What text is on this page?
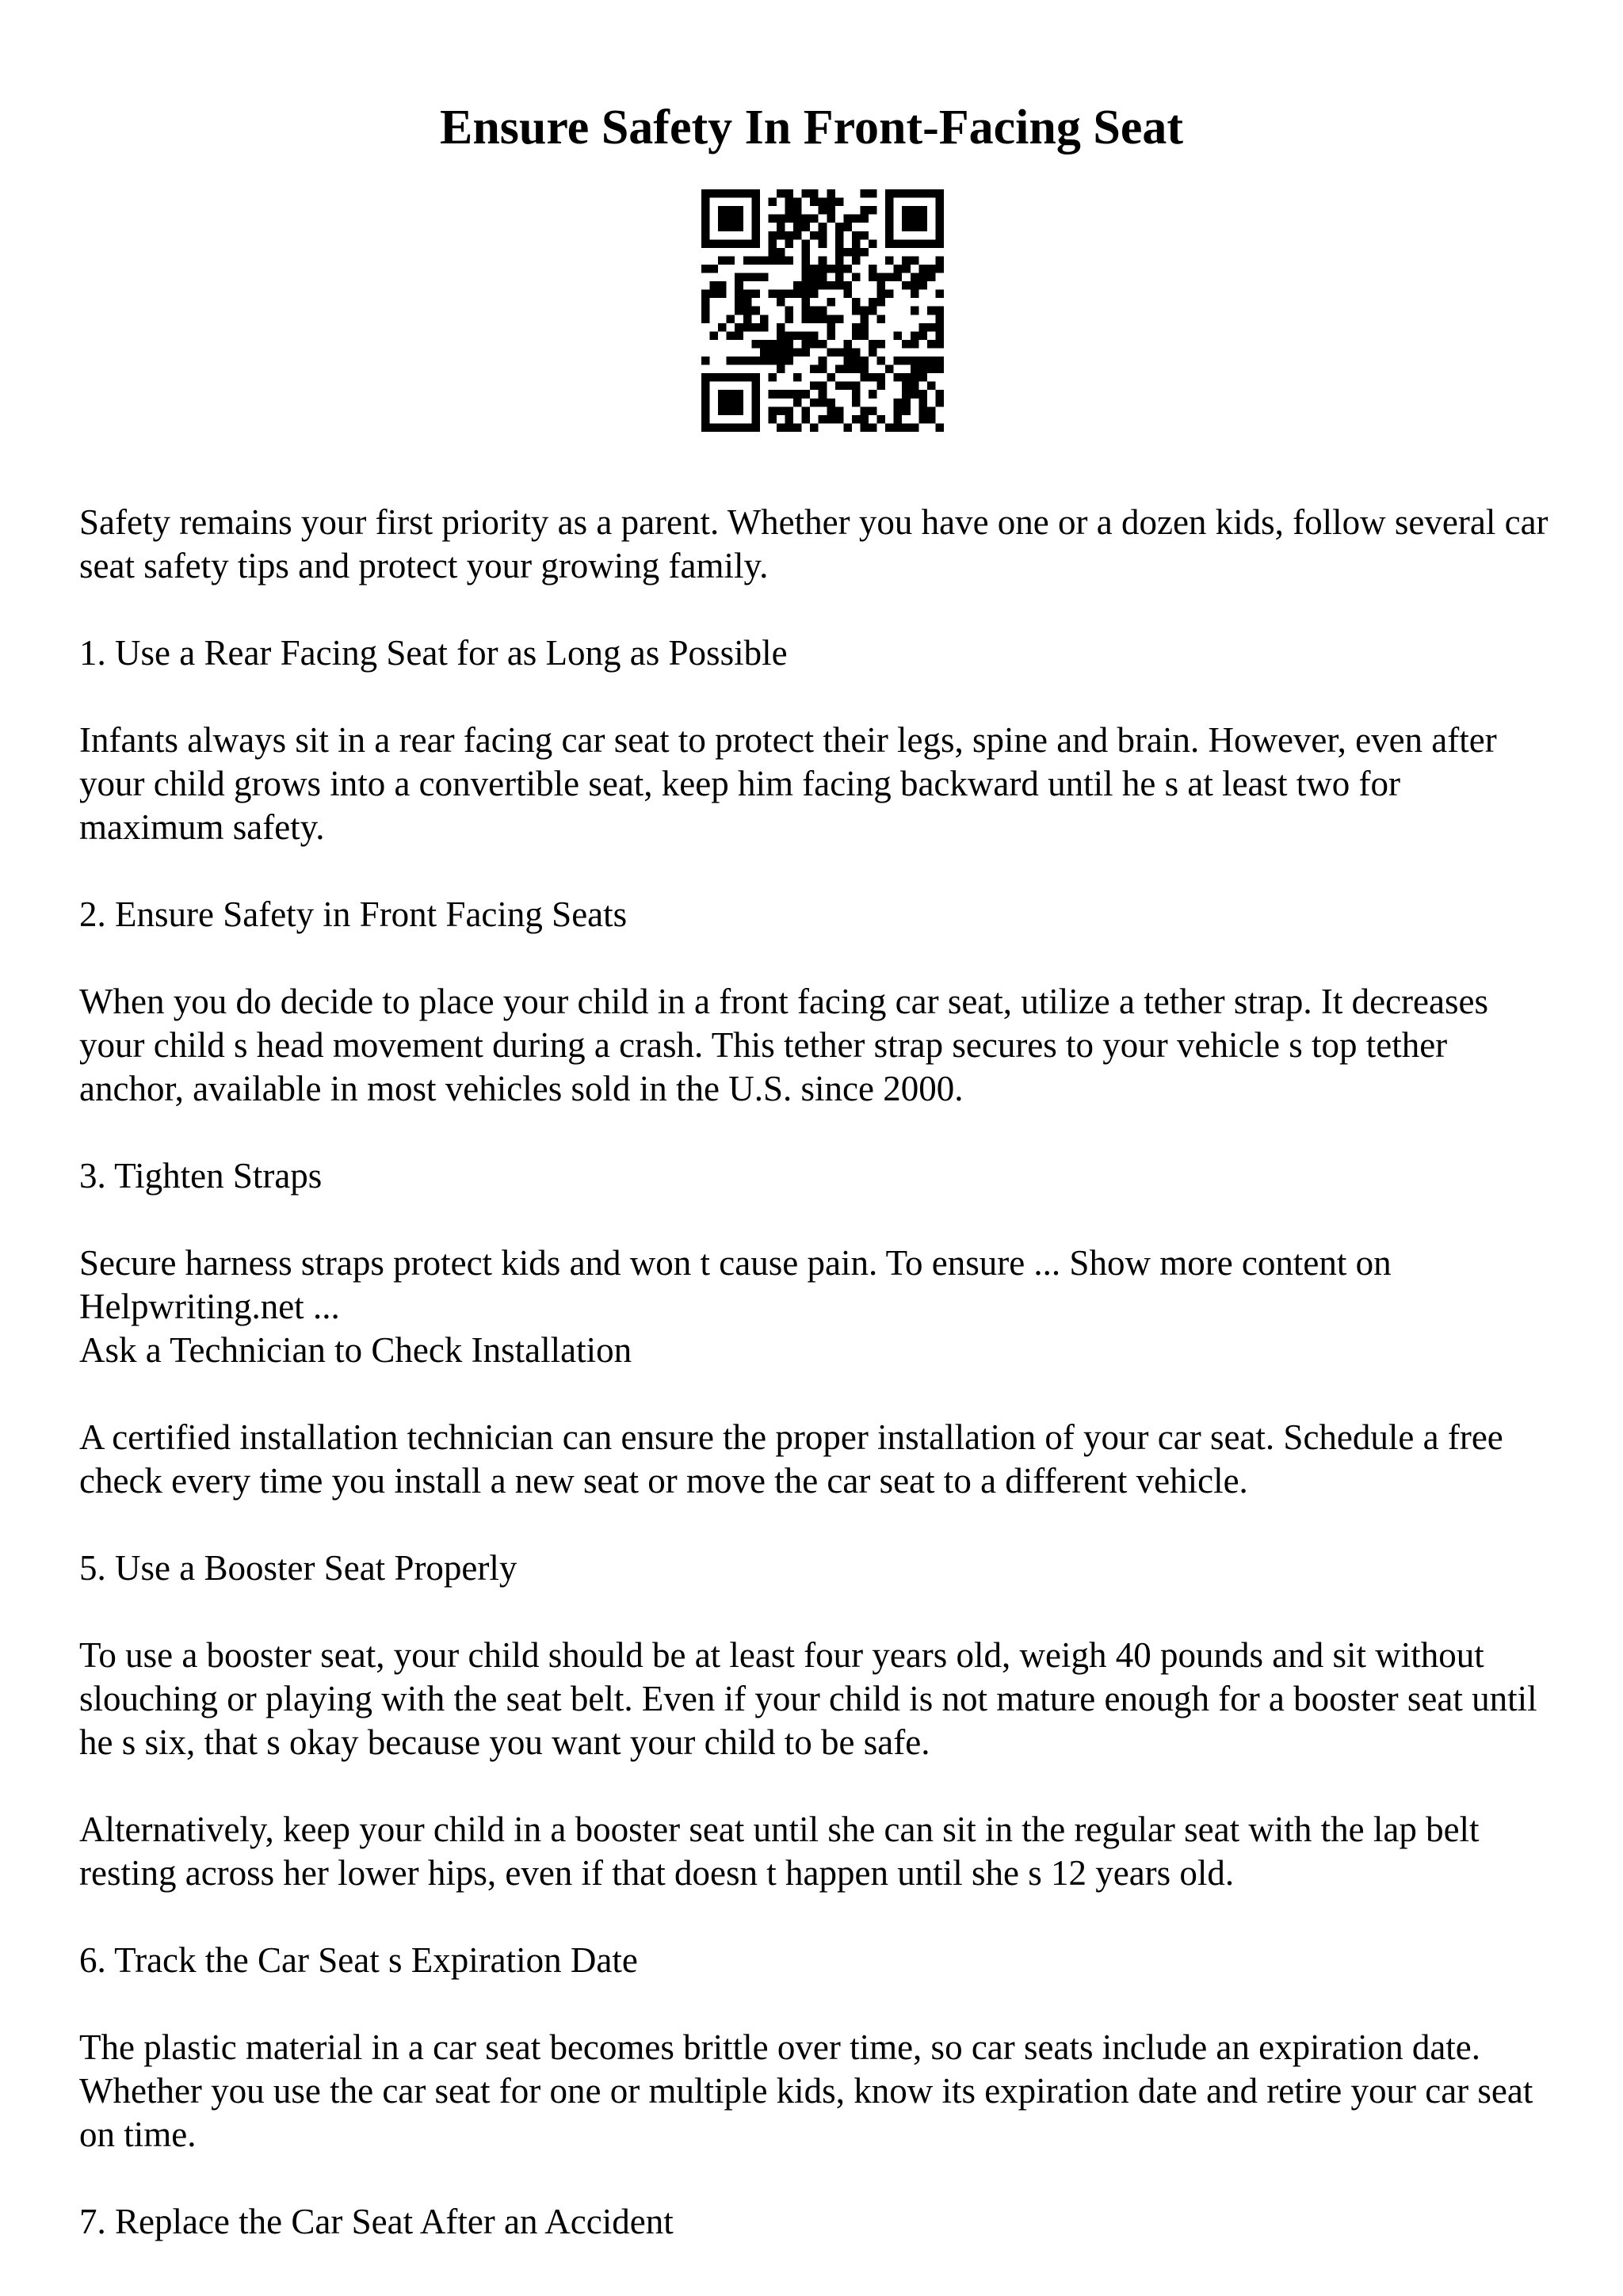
Ensure Safety In Front-Facing Seat

Safety remains your first priority as a parent. Whether you have one or a dozen kids, follow several car seat safety tips and protect your growing family.

1. Use a Rear Facing Seat for as Long as Possible

Infants always sit in a rear facing car seat to protect their legs, spine and brain. However, even after your child grows into a convertible seat, keep him facing backward until he s at least two for maximum safety.

2. Ensure Safety in Front Facing Seats

When you do decide to place your child in a front facing car seat, utilize a tether strap. It decreases your child s head movement during a crash. This tether strap secures to your vehicle s top tether anchor, available in most vehicles sold in the U.S. since 2000.

3. Tighten Straps

Secure harness straps protect kids and won t cause pain. To ensure ... Show more content on Helpwriting.net ...

Ask a Technician to Check Installation

A certified installation technician can ensure the proper installation of your car seat. Schedule a free check every time you install a new seat or move the car seat to a different vehicle.

5. Use a Booster Seat Properly

To use a booster seat, your child should be at least four years old, weigh 40 pounds and sit without slouching or playing with the seat belt. Even if your child is not mature enough for a booster seat until he s six, that s okay because you want your child to be safe.

Alternatively, keep your child in a booster seat until she can sit in the regular seat with the lap belt resting across her lower hips, even if that doesn t happen until she s 12 years old.

6. Track the Car Seat s Expiration Date

The plastic material in a car seat becomes brittle over time, so car seats include an expiration date. Whether you use the car seat for one or multiple kids, know its expiration date and retire your car seat on time.

7. Replace the Car Seat After an Accident
